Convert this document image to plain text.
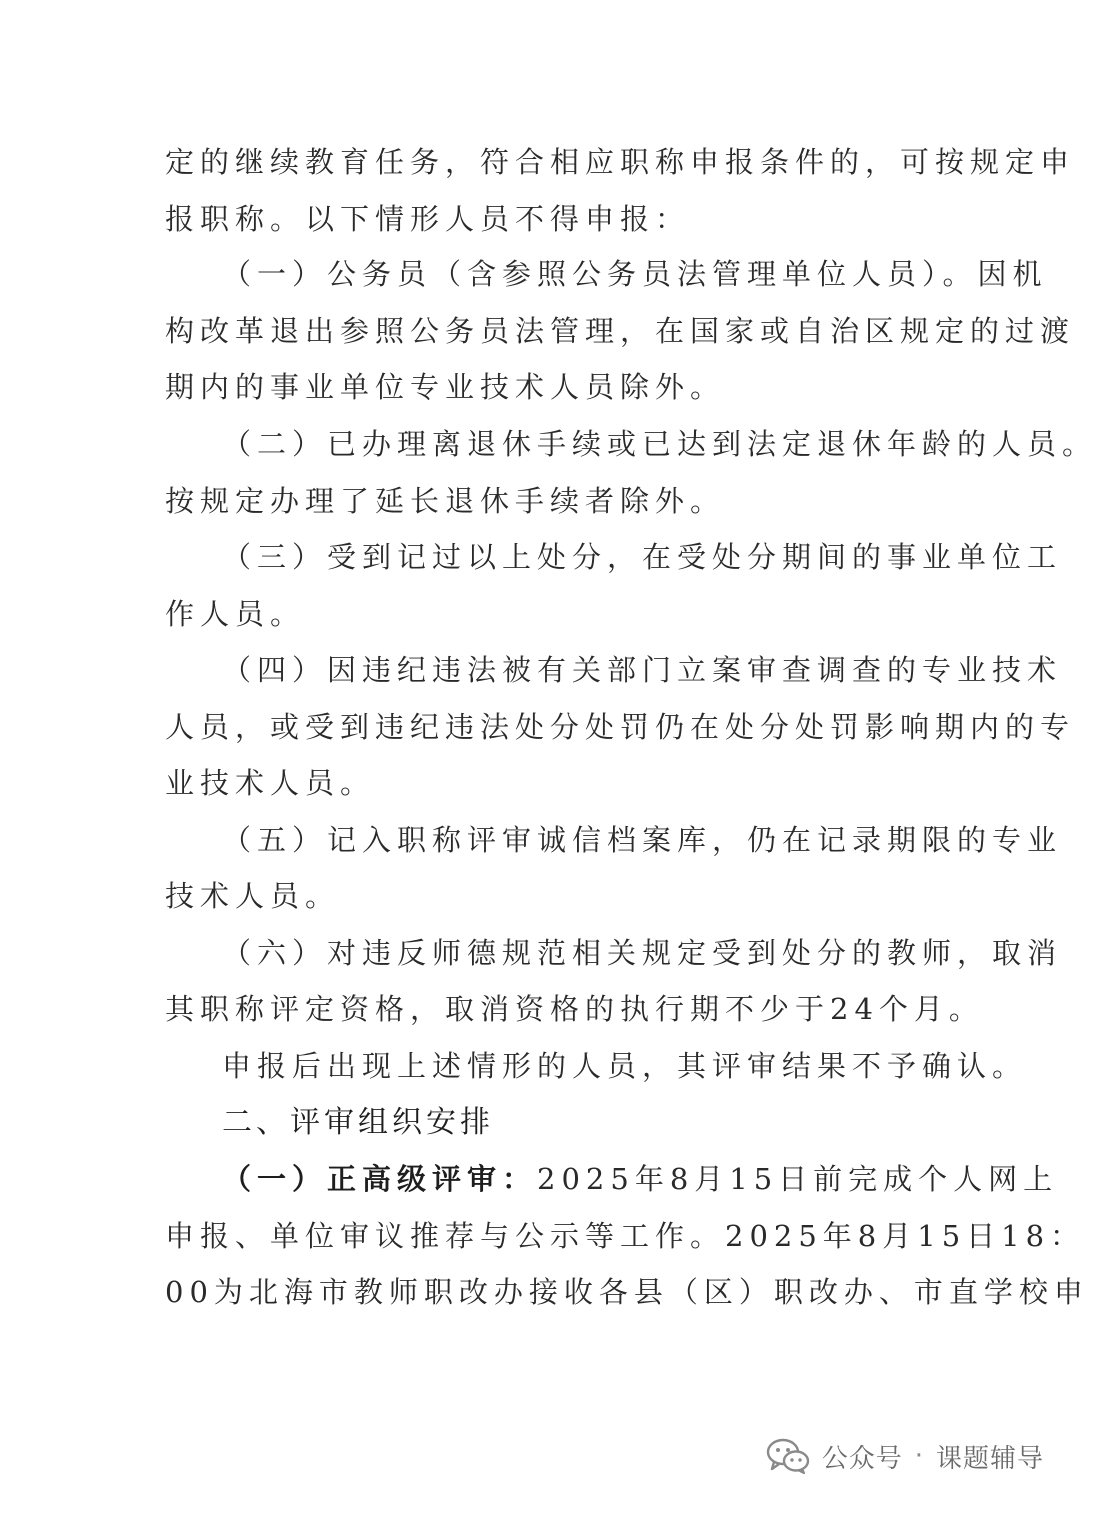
定的继续教育任务，符合相应职称申报条件的，可按规定申
报职称。以下情形人员不得申报：
（一）公务员（含参照公务员法管理单位人员）。因机
构改革退出参照公务员法管理，在国家或自治区规定的过渡
期内的事业单位专业技术人员除外。
（二）已办理离退休手续或已达到法定退休年龄的人员。
按规定办理了延长退休手续者除外。
（三）受到记过以上处分，在受处分期间的事业单位工
作人员。
（四）因违纪违法被有关部门立案审查调查的专业技术
人员，或受到违纪违法处分处罚仍在处分处罚影响期内的专
业技术人员。
（五）记入职称评审诚信档案库，仍在记录期限的专业
技术人员。
（六）对违反师德规范相关规定受到处分的教师，取消
其职称评定资格，取消资格的执行期不少于24个月。
申报后出现上述情形的人员，其评审结果不予确认。
二、评审组织安排
（一）正高级评审：2025年8月15日前完成个人网上
申报、单位审议推荐与公示等工作。2025年8月15日18：
00为北海市教师职改办接收各县（区）职改办、市直学校申
公众号 · 课题辅导
